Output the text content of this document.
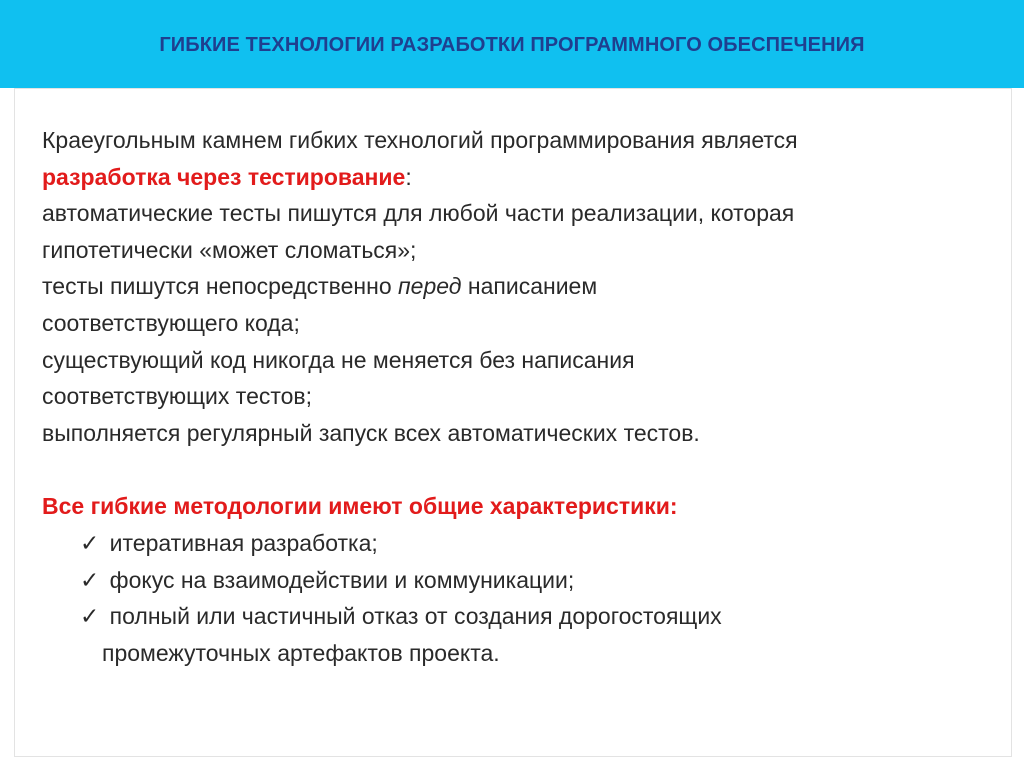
ГИБКИЕ ТЕХНОЛОГИИ РАЗРАБОТКИ ПРОГРАММНОГО ОБЕСПЕЧЕНИЯ

Краеугольным камнем гибких технологий программирования является

разработка через тестирование:

автоматические тесты пишутся для любой части реализации, которая

гипотетически «может сломаться»;

тесты пишутся непосредственно перед написанием

соответствующего кода;

существующий код никогда не меняется без написания

соответствующих тестов;

выполняется регулярный запуск всех автоматических тестов.

Все гибкие методологии имеют общие характеристики:

✓ итеративная разработка;

✓ фокус на взаимодействии и коммуникации;

✓ полный или частичный отказ от создания дорогостоящих

промежуточных артефактов проекта.
